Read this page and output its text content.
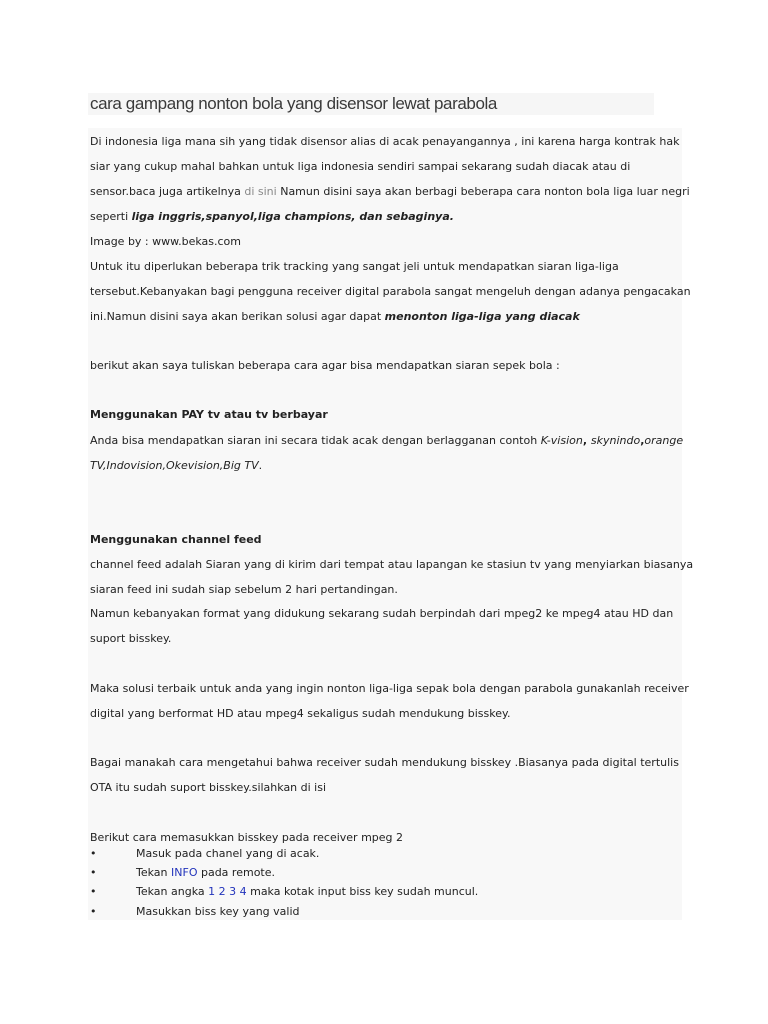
cara gampang nonton bola yang disensor lewat parabola
Di indonesia liga mana sih yang tidak disensor alias di acak penayangannya , ini karena harga kontrak hak
siar yang cukup mahal bahkan untuk liga indonesia sendiri sampai sekarang sudah diacak atau di
sensor.baca juga artikelnya di sini Namun disini saya akan berbagi beberapa cara nonton bola liga luar negri
seperti liga inggris,spanyol,liga champions, dan sebaginya.
Image by : www.bekas.com
Untuk itu diperlukan beberapa trik tracking yang sangat jeli untuk mendapatkan siaran liga-liga
tersebut.Kebanyakan bagi pengguna receiver digital parabola sangat mengeluh dengan adanya pengacakan
ini.Namun disini saya akan berikan solusi agar dapat menonton liga-liga yang diacak
berikut akan saya tuliskan beberapa cara agar bisa mendapatkan siaran sepek bola :
Menggunakan PAY tv atau tv berbayar
Anda bisa mendapatkan siaran ini secara tidak acak dengan berlagganan contoh K-vision, skynindo,orange
TV,Indovision,Okevision,Big TV.
Menggunakan channel feed
channel feed adalah Siaran yang di kirim dari tempat atau lapangan ke stasiun tv yang menyiarkan biasanya
siaran feed ini sudah siap sebelum 2 hari pertandingan.
Namun kebanyakan format yang didukung sekarang sudah berpindah dari mpeg2 ke mpeg4 atau HD dan
suport bisskey.
Maka solusi terbaik untuk anda yang ingin nonton liga-liga sepak bola dengan parabola gunakanlah receiver
digital yang berformat HD atau mpeg4 sekaligus sudah mendukung bisskey.
Bagai manakah cara mengetahui bahwa receiver sudah mendukung bisskey .Biasanya pada digital tertulis
OTA itu sudah suport bisskey.silahkan di isi
Berikut cara memasukkan bisskey pada receiver mpeg 2
•	Masuk pada chanel yang di acak.
•	Tekan INFO pada remote.
•	Tekan angka 1 2 3 4 maka kotak input biss key sudah muncul.
•	Masukkan biss key yang valid
